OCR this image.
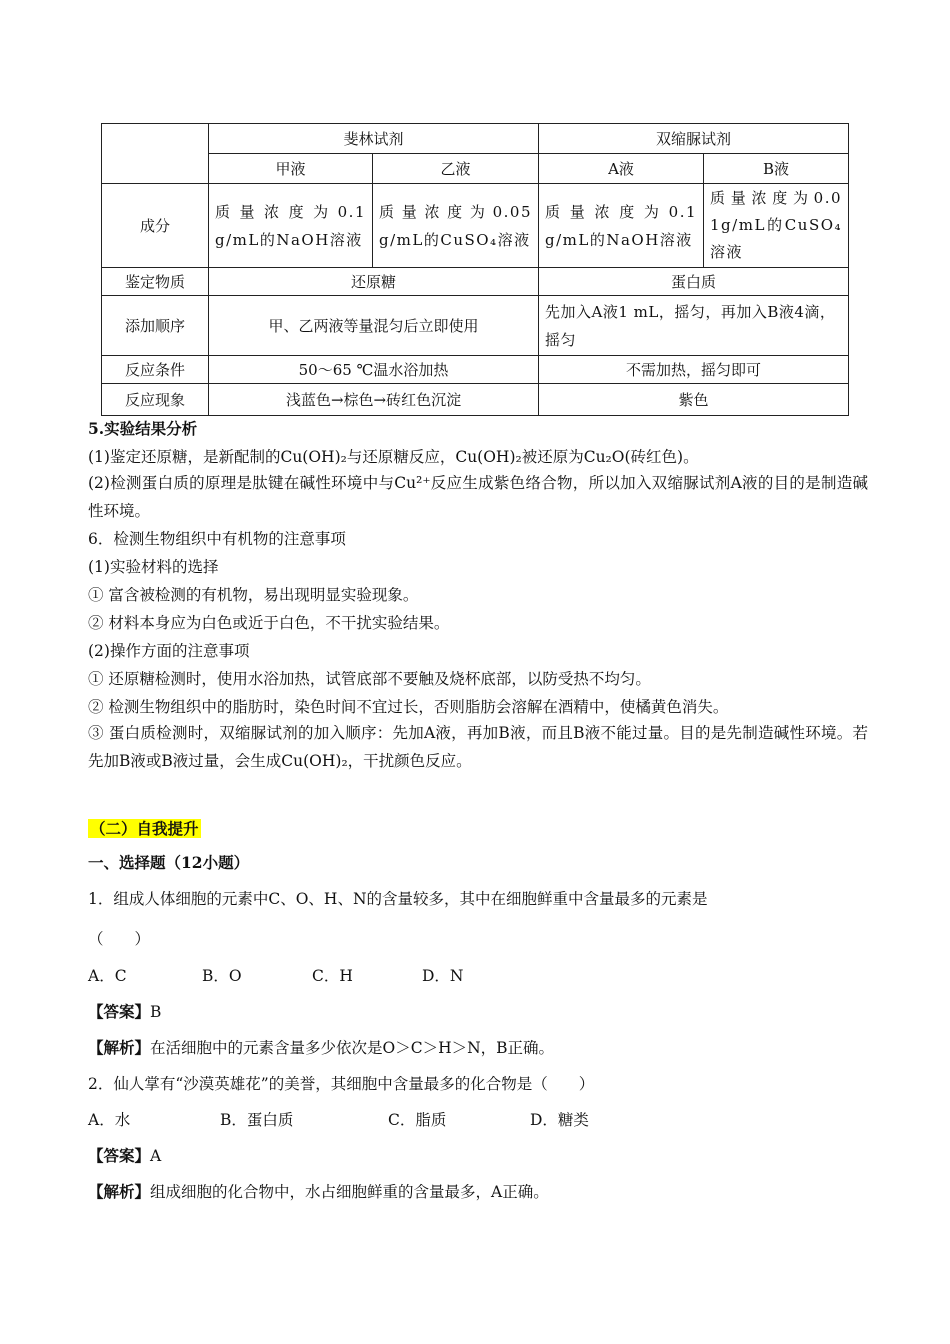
	斐林试剂		双缩脲试剂	
	甲液	乙液	A液	B液
成分	质量浓度为0.1 g/mL的NaOH溶液	质量浓度为0.05 g/mL的CuSO₄溶液	质量浓度为0.1 g/mL的NaOH溶液	质量浓度为0.0 1g/mL的CuSO₄溶液
鉴定物质	还原糖		蛋白质	
添加顺序	甲、乙两液等量混匀后立即使用		先加入A液1 mL，摇匀，再加入B液4滴，摇匀	
反应条件	50～65 ℃温水浴加热		不需加热，摇匀即可	
反应现象	浅蓝色→棕色→砖红色沉淀		紫色	
5.实验结果分析
(1)鉴定还原糖，是新配制的Cu(OH)₂与还原糖反应，Cu(OH)₂被还原为Cu₂O(砖红色)。
(2)检测蛋白质的原理是肽键在碱性环境中与Cu²⁺反应生成紫色络合物，所以加入双缩脲试剂A液的目的是制造碱性环境。
6．检测生物组织中有机物的注意事项
(1)实验材料的选择
① 富含被检测的有机物，易出现明显实验现象。
② 材料本身应为白色或近于白色，不干扰实验结果。
(2)操作方面的注意事项
① 还原糖检测时，使用水浴加热，试管底部不要触及烧杯底部，以防受热不均匀。
② 检测生物组织中的脂肪时，染色时间不宜过长，否则脂肪会溶解在酒精中，使橘黄色消失。
③ 蛋白质检测时，双缩脲试剂的加入顺序：先加A液，再加B液，而且B液不能过量。目的是先制造碱性环境。若先加B液或B液过量，会生成Cu(OH)₂，干扰颜色反应。
（二）自我提升
一、选择题（12小题）
1．组成人体细胞的元素中C、O、H、N的含量较多，其中在细胞鲜重中含量最多的元素是
（　　）
A．C	B．O	C．H	D．N
【答案】B
【解析】在活细胞中的元素含量多少依次是O＞C＞H＞N，B正确。
2．仙人掌有“沙漠英雄花”的美誉，其细胞中含量最多的化合物是（　　）
A．水	B．蛋白质	C．脂质	D．糖类
【答案】A
【解析】组成细胞的化合物中，水占细胞鲜重的含量最多，A正确。
